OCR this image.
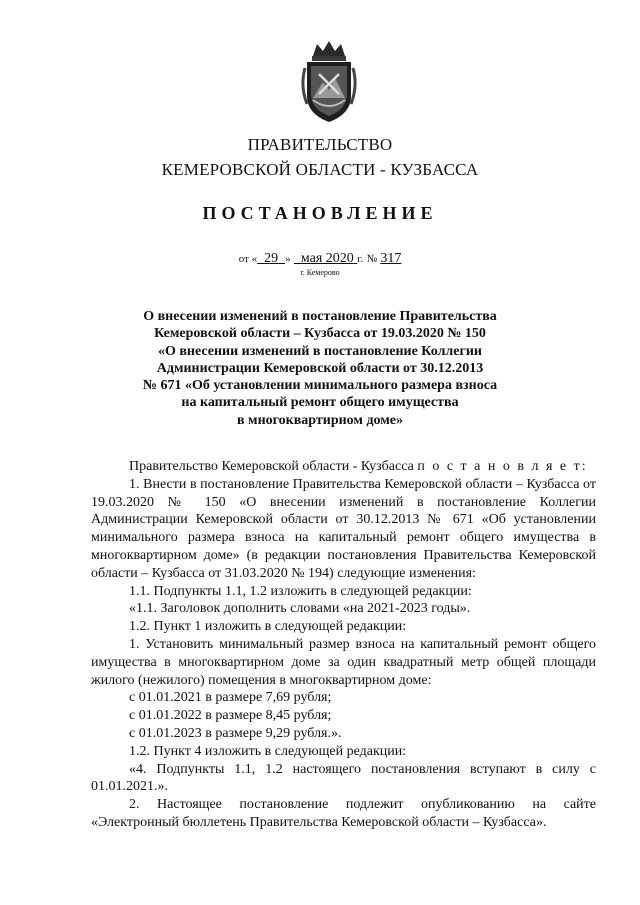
ПРАВИТЕЛЬСТВО
КЕМЕРОВСКОЙ ОБЛАСТИ - КУЗБАССА
ПОСТАНОВЛЕНИЕ
от « 29 » мая 2020 г. № 317
г. Кемерово
О внесении изменений в постановление Правительства
Кемеровской области – Кузбасса от 19.03.2020 № 150
«О внесении изменений в постановление Коллегии
Администрации Кемеровской области от 30.12.2013
№ 671 «Об установлении минимального размера взноса
на капитальный ремонт общего имущества
в многоквартирном доме»

Правительство Кемеровской области - Кузбасса п о с т а н о в л я е т:

1. Внести в постановление Правительства Кемеровской области – Кузбасса от 19.03.2020 № 150 «О внесении изменений в постановление Коллегии Администрации Кемеровской области от 30.12.2013 № 671 «Об установлении минимального размера взноса на капитальный ремонт общего имущества в многоквартирном доме» (в редакции постановления Правительства Кемеровской области – Кузбасса от 31.03.2020 № 194) следующие изменения:

1.1. Подпункты 1.1, 1.2 изложить в следующей редакции:

«1.1. Заголовок дополнить словами «на 2021-2023 годы».

1.2. Пункт 1 изложить в следующей редакции:

1. Установить минимальный размер взноса на капитальный ремонт общего имущества в многоквартирном доме за один квадратный метр общей площади жилого (нежилого) помещения в многоквартирном доме:

с 01.01.2021 в размере 7,69 рубля;

с 01.01.2022 в размере 8,45 рубля;

с 01.01.2023 в размере 9,29 рубля.».

1.2. Пункт 4 изложить в следующей редакции:

«4. Подпункты 1.1, 1.2 настоящего постановления вступают в силу с 01.01.2021.».

2. Настоящее постановление подлежит опубликованию на сайте «Электронный бюллетень Правительства Кемеровской области – Кузбасса».
